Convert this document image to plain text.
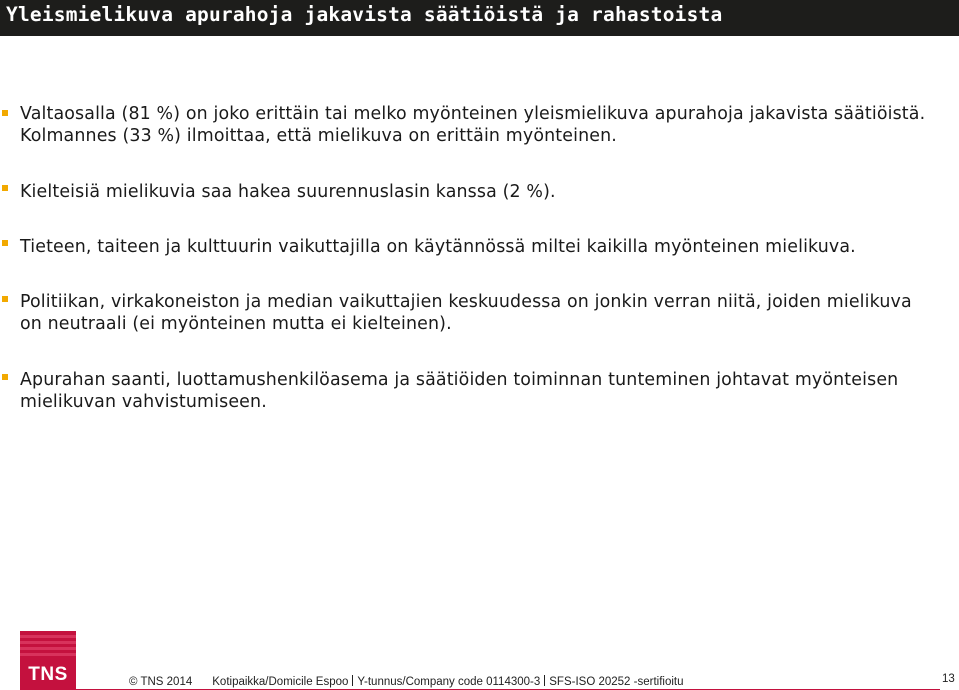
Yleismielikuva apurahoja jakavista säätiöistä ja rahastoista
Valtaosalla (81 %) on joko erittäin tai melko myönteinen yleismielikuva apurahoja jakavista säätiöistä. Kolmannes (33 %) ilmoittaa, että mielikuva on erittäin myönteinen.
Kielteisiä mielikuvia saa hakea suurennuslasin kanssa (2 %).
Tieteen, taiteen ja kulttuurin vaikuttajilla on käytännössä miltei kaikilla myönteinen mielikuva.
Politiikan, virkakoneiston ja median vaikuttajien keskuudessa on jonkin verran niitä, joiden mielikuva on neutraali (ei myönteinen mutta ei kielteinen).
Apurahan saanti, luottamushenkilöasema ja säätiöiden toiminnan tunteminen johtavat myönteisen mielikuvan vahvistumiseen.
TNS	© TNS 2014 Kotipaikka/Domicile Espoo Y-tunnus/Company code 0114300-3 SFS-ISO 20252 -sertifioitu	13
